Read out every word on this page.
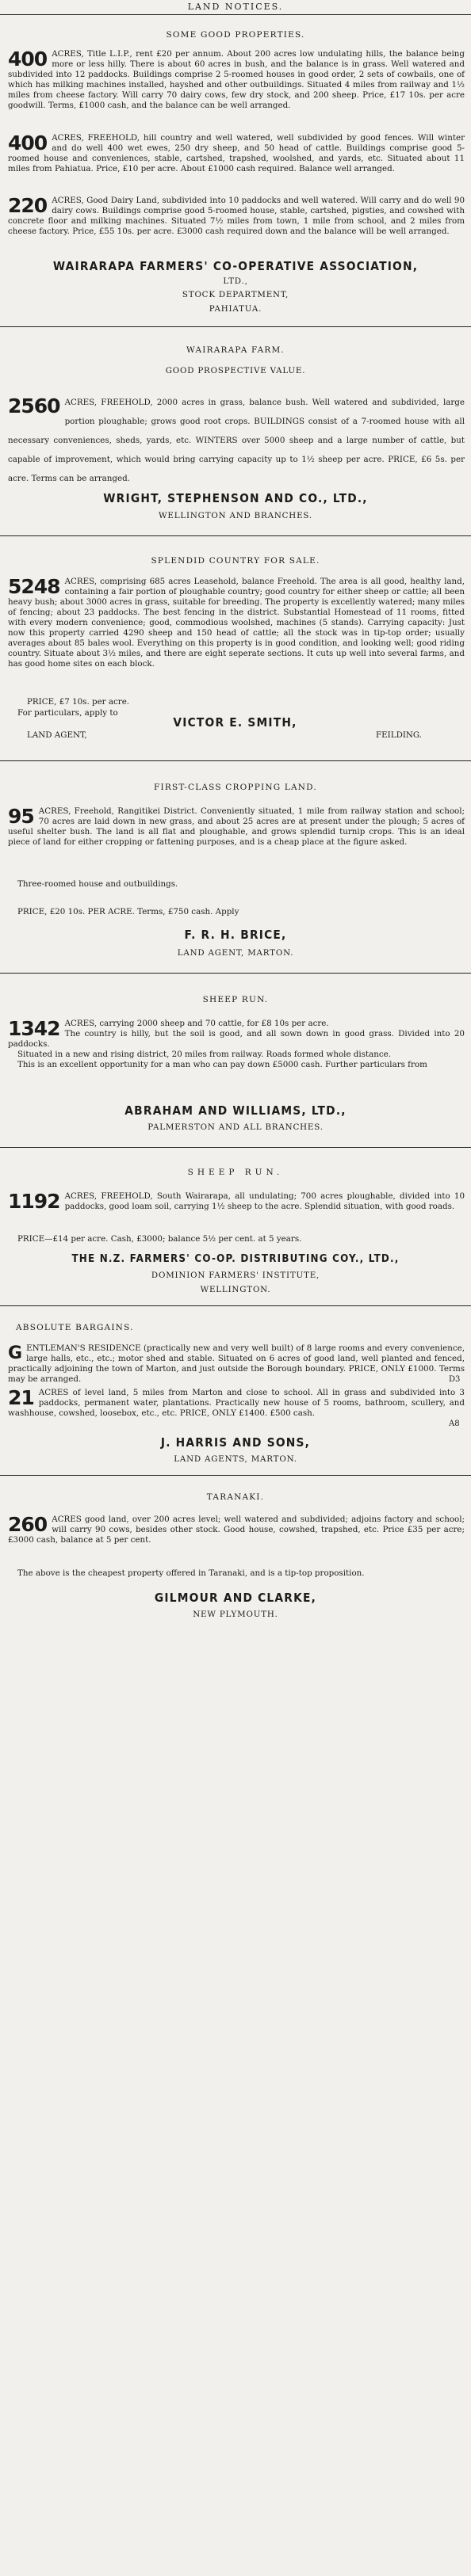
LAND NOTICES.
SOME GOOD PROPERTIES.
400 ACRES, Title L.I.P., rent £20 per annum. About 200 acres low undulating hills, the balance being more or less hilly. There is about 60 acres in bush, and the balance is in grass. Well watered and subdivided into 12 paddocks. Buildings comprise 2 5-roomed houses in good order, 2 sets of cowbails, one of which has milking machines installed, hayshed and other outbuildings. Situated 4 miles from railway and 1½ miles from cheese factory. Will carry 70 dairy cows, few dry stock, and 200 sheep. Price, £17 10s. per acre goodwill. Terms, £1000 cash, and the balance can be well arranged.

400 ACRES, FREEHOLD, hill country and well watered, well subdivided by good fences. Will winter and do well 400 wet ewes, 250 dry sheep, and 50 head of cattle. Buildings comprise good 5-roomed house and conveniences, stable, cartshed, trapshed, woolshed, and yards, etc. Situated about 11 miles from Pahiatua. Price, £10 per acre. About £1000 cash required. Balance well arranged.

220 ACRES, Good Dairy Land, subdivided into 10 paddocks and well watered. Will carry and do well 90 dairy cows. Buildings comprise good 5-roomed house, stable, cartshed, pigsties, and cowshed with concrete floor and milking machines. Situated 7½ miles from town, 1 mile from school, and 2 miles from cheese factory. Price, £55 10s. per acre. £3000 cash required down and the balance will be well arranged.

WAIRARAPA FARMERS' CO-OPERATIVE ASSOCIATION,
LTD.,
STOCK DEPARTMENT,
PAHIATUA.
WAIRARAPA FARM.
GOOD PROSPECTIVE VALUE.
2560 ACRES, FREEHOLD, 2000 acres in grass, balance bush. Well watered and subdivided, large portion ploughable; grows good root crops. BUILDINGS consist of a 7-roomed house with all necessary conveniences, sheds, yards, etc. WINTERS over 5000 sheep and a large number of cattle, but capable of improvement, which would bring carrying capacity up to 1½ sheep per acre. PRICE, £6 5s. per acre. Terms can be arranged.

WRIGHT, STEPHENSON AND CO., LTD.,
WELLINGTON AND BRANCHES.
SPLENDID COUNTRY FOR SALE.
5248 ACRES, comprising 685 acres Leasehold, balance Freehold. The area is all good, healthy land, containing a fair portion of ploughable country; good country for either sheep or cattle; all been heavy bush; about 3000 acres in grass, suitable for breeding. The property is excellently watered; many miles of fencing; about 23 paddocks. The best fencing in the district. Substantial Homestead of 11 rooms, fitted with every modern convenience; good, commodious woolshed, machines (5 stands). Carrying capacity: Just now this property carried 4290 sheep and 150 head of cattle; all the stock was in tip-top order; usually averages about 85 bales wool. Everything on this property is in good condition, and looking well; good riding country. Situate about 3½ miles, and there are eight seperate sections. It cuts up well into several farms, and has good home sites on each block.

PRICE, £7 10s. per acre.
For particulars, apply to
LAND AGENT,
VICTOR E. SMITH,
FEILDING.
FIRST-CLASS CROPPING LAND.
95 ACRES, Freehold, Rangitikei District. Conveniently situated, 1 mile from railway station and school; 70 acres are laid down in new grass, and about 25 acres are at present under the plough; 5 acres of useful shelter bush. The land is all flat and ploughable, and grows splendid turnip crops. This is an ideal piece of land for either cropping or fattening purposes, and is a cheap place at the figure asked.

Three-roomed house and outbuildings.
PRICE, £20 10s. PER ACRE. Terms, £750 cash. Apply
F. R. H. BRICE,
LAND AGENT, MARTON.
SHEEP RUN.
1342 ACRES, carrying 2000 sheep and 70 cattle, for £8 10s per acre.

The country is hilly, but the soil is good, and all sown down in good grass. Divided into 20 paddocks.

Situated in a new and rising district, 20 miles from railway. Roads formed whole distance.

This is an excellent opportunity for a man who can pay down £5000 cash. Further particulars from

ABRAHAM AND WILLIAMS, LTD.,
PALMERSTON AND ALL BRANCHES.
SHEEP RUN.
1192 ACRES, FREEHOLD, South Wairarapa, all undulating; 700 acres ploughable, divided into 10 paddocks, good loam soil, carrying 1½ sheep to the acre. Splendid situation, with good roads.

PRICE—£14 per acre. Cash, £3000; balance 5½ per cent. at 5 years.
THE N.Z. FARMERS' CO-OP. DISTRIBUTING COY., LTD.,
DOMINION FARMERS' INSTITUTE,
WELLINGTON.
ABSOLUTE BARGAINS.
G ENTLEMAN'S RESIDENCE (practically new and very well built) of 8 large rooms and every convenience, large halls, etc., etc.; motor shed and stable. Situated on 6 acres of good land, well planted and fenced, practically adjoining the town of Marton, and just outside the Borough boundary. PRICE, ONLY £1000. Terms may be arranged.	D3
21 ACRES of level land, 5 miles from Marton and close to school. All in grass and subdivided into 3 paddocks, permanent water, plantations. Practically new house of 5 rooms, bathroom, scullery, and washhouse, cowshed, loosebox, etc., etc. PRICE, ONLY £1400. £500 cash.

A8
J. HARRIS AND SONS,
LAND AGENTS, MARTON.
TARANAKI.
260 ACRES good land, over 200 acres level; well watered and subdivided; adjoins factory and school; will carry 90 cows, besides other stock. Good house, cowshed, trapshed, etc. Price £35 per acre; £3000 cash, balance at 5 per cent.

The above is the cheapest property offered in Taranaki, and is a tip-top proposition.
GILMOUR AND CLARKE,
NEW PLYMOUTH.
